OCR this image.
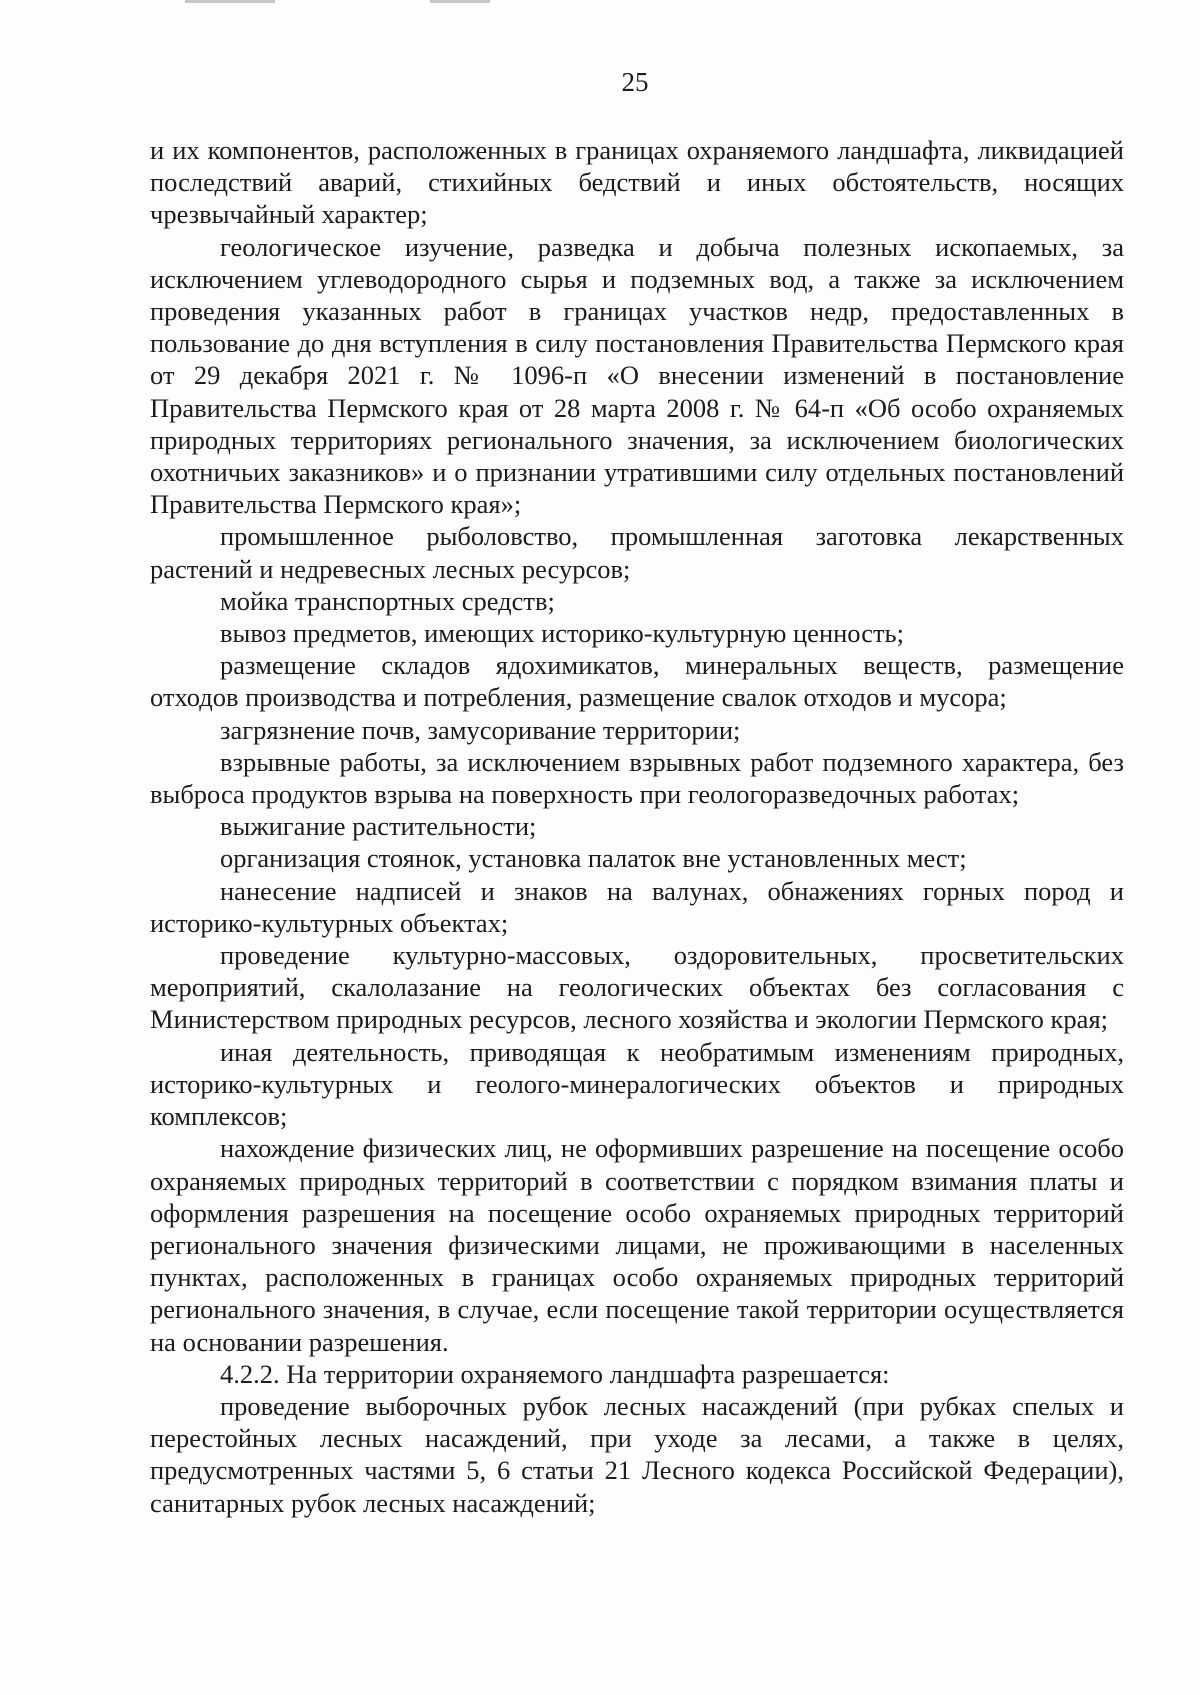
25

и их компонентов, расположенных в границах охраняемого ландшафта, ликвидацией последствий аварий, стихийных бедствий и иных обстоятельств, носящих чрезвычайный характер;

геологическое изучение, разведка и добыча полезных ископаемых, за исключением углеводородного сырья и подземных вод, а также за исключением проведения указанных работ в границах участков недр, предоставленных в пользование до дня вступления в силу постановления Правительства Пермского края от 29 декабря 2021 г. № 1096-п «О внесении изменений в постановление Правительства Пермского края от 28 марта 2008 г. № 64-п «Об особо охраняемых природных территориях регионального значения, за исключением биологических охотничьих заказников» и о признании утратившими силу отдельных постановлений Правительства Пермского края»;

промышленное рыболовство, промышленная заготовка лекарственных растений и недревесных лесных ресурсов;

мойка транспортных средств;

вывоз предметов, имеющих историко-культурную ценность;

размещение складов ядохимикатов, минеральных веществ, размещение отходов производства и потребления, размещение свалок отходов и мусора;

загрязнение почв, замусоривание территории;

взрывные работы, за исключением взрывных работ подземного характера, без выброса продуктов взрыва на поверхность при геологоразведочных работах;

выжигание растительности;

организация стоянок, установка палаток вне установленных мест;

нанесение надписей и знаков на валунах, обнажениях горных пород и историко-культурных объектах;

проведение культурно-массовых, оздоровительных, просветительских мероприятий, скалолазание на геологических объектах без согласования с Министерством природных ресурсов, лесного хозяйства и экологии Пермского края;

иная деятельность, приводящая к необратимым изменениям природных, историко-культурных и геолого-минералогических объектов и природных комплексов;

нахождение физических лиц, не оформивших разрешение на посещение особо охраняемых природных территорий в соответствии с порядком взимания платы и оформления разрешения на посещение особо охраняемых природных территорий регионального значения физическими лицами, не проживающими в населенных пунктах, расположенных в границах особо охраняемых природных территорий регионального значения, в случае, если посещение такой территории осуществляется на основании разрешения.

4.2.2. На территории охраняемого ландшафта разрешается:

проведение выборочных рубок лесных насаждений (при рубках спелых и перестойных лесных насаждений, при уходе за лесами, а также в целях, предусмотренных частями 5, 6 статьи 21 Лесного кодекса Российской Федерации), санитарных рубок лесных насаждений;
